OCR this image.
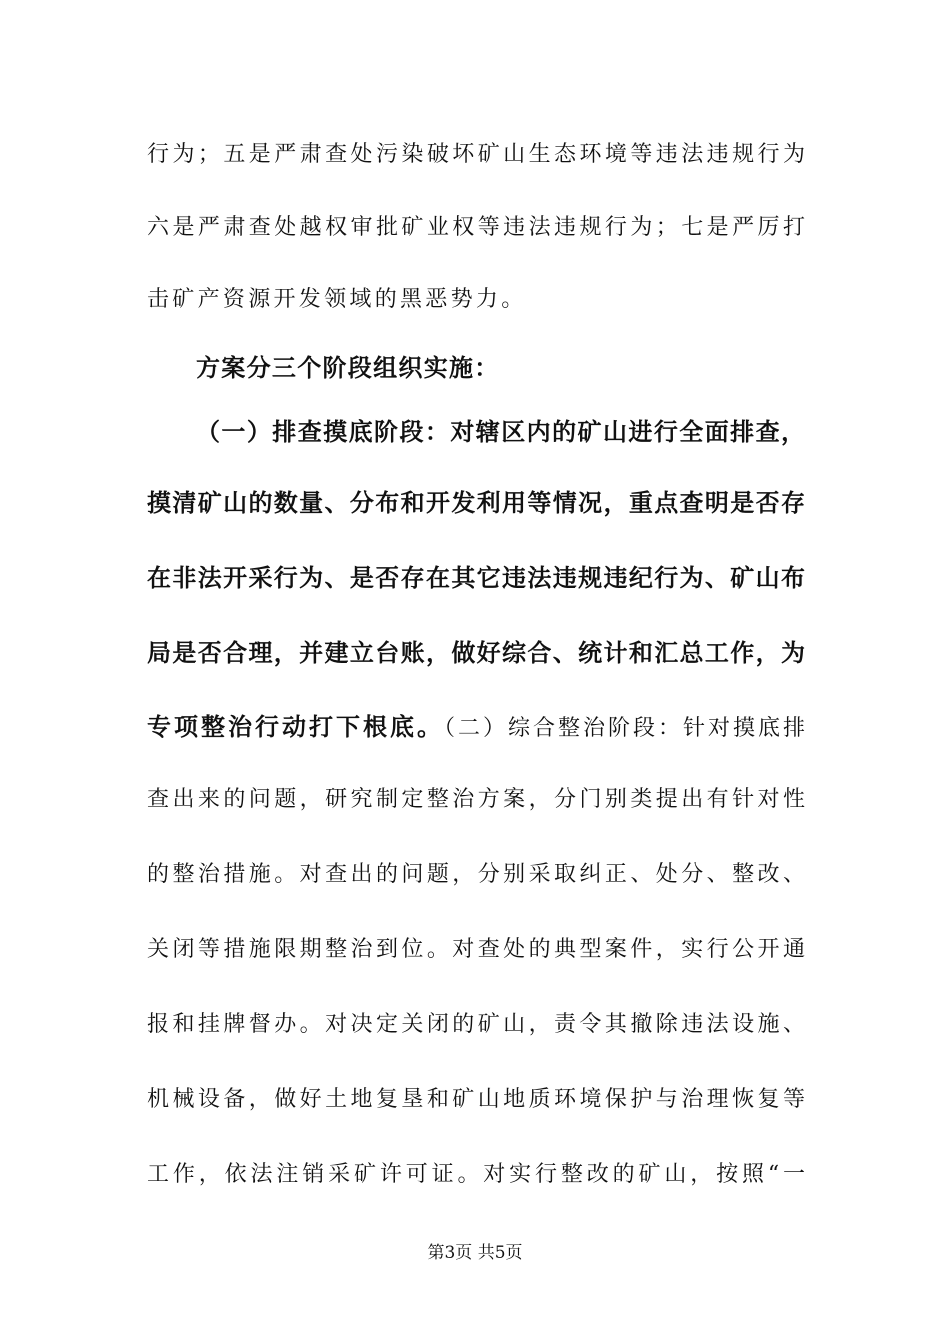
行为；五是严肃查处污染破坏矿山生态环境等违法违规行为
六是严肃查处越权审批矿业权等违法违规行为；七是严厉打
击矿产资源开发领域的黑恶势力。
方案分三个阶段组织实施：
（一）排查摸底阶段：对辖区内的矿山进行全面排查，
摸清矿山的数量、分布和开发利用等情况，重点查明是否存
在非法开采行为、是否存在其它违法违规违纪行为、矿山布
局是否合理，并建立台账，做好综合、统计和汇总工作，为
专项整治行动打下根底。（二）综合整治阶段：针对摸底排
查出来的问题，研究制定整治方案，分门别类提出有针对性
的整治措施。对查出的问题，分别采取纠正、处分、整改、
关闭等措施限期整治到位。对查处的典型案件，实行公开通
报和挂牌督办。对决定关闭的矿山，责令其撤除违法设施、
机械设备，做好土地复垦和矿山地质环境保护与治理恢复等
工作，依法注销采矿许可证。对实行整改的矿山，按照“一
第3页 共5页
